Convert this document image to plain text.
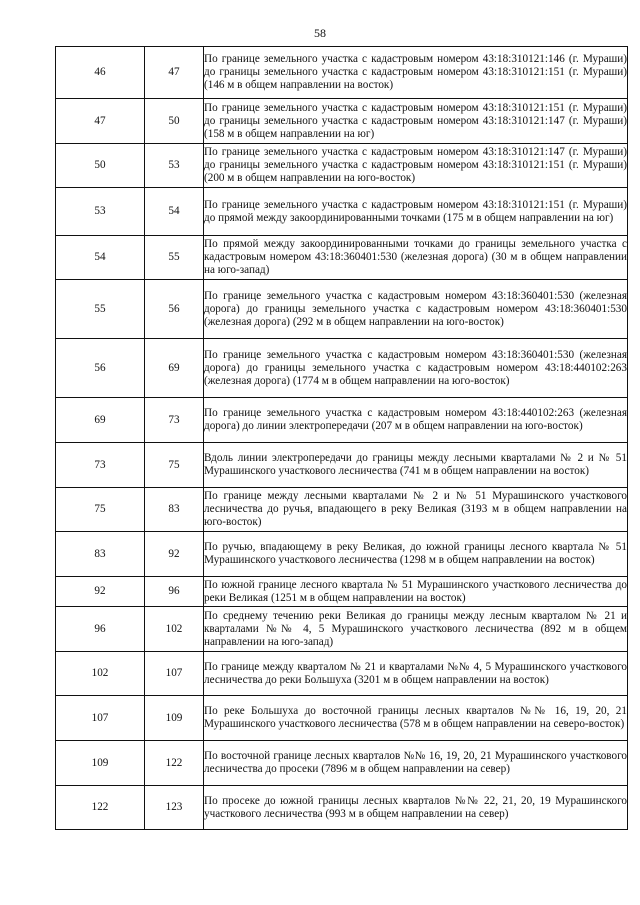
58
46	47	По границе земельного участка с кадастровым номером 43:18:310121:146 (г. Мураши) до границы земельного участка с кадастровым номером 43:18:310121:151 (г. Мураши) (146 м в общем направлении на восток)
47	50	По границе земельного участка с кадастровым номером 43:18:310121:151 (г. Мураши) до границы земельного участка с кадастровым номером 43:18:310121:147 (г. Мураши) (158 м в общем направлении на юг)
50	53	По границе земельного участка с кадастровым номером 43:18:310121:147 (г. Мураши) до границы земельного участка с кадастровым номером 43:18:310121:151 (г. Мураши) (200 м в общем направлении на юго-восток)
53	54	По границе земельного участка с кадастровым номером 43:18:310121:151 (г. Мураши) до прямой между закоординированными точками (175 м в общем направлении на юг)
54	55	По прямой между закоординированными точками до границы земельного участка с кадастровым номером 43:18:360401:530 (железная дорога) (30 м в общем направлении на юго-запад)
55	56	По границе земельного участка с кадастровым номером 43:18:360401:530 (железная дорога) до границы земельного участка с кадастровым номером 43:18:360401:530 (железная дорога) (292 м в общем направлении на юго-восток)
56	69	По границе земельного участка с кадастровым номером 43:18:360401:530 (железная дорога) до границы земельного участка с кадастровым номером 43:18:440102:263 (железная дорога) (1774 м в общем направлении на юго-восток)
69	73	По границе земельного участка с кадастровым номером 43:18:440102:263 (железная дорога) до линии электропередачи (207 м в общем направлении на юго-восток)
73	75	Вдоль линии электропередачи до границы между лесными кварталами № 2 и № 51 Мурашинского участкового лесничества (741 м в общем направлении на восток)
75	83	По границе между лесными кварталами № 2 и № 51 Мурашинского участкового лесничества до ручья, впадающего в реку Великая (3193 м в общем направлении на юго-восток)
83	92	По ручью, впадающему в реку Великая, до южной границы лесного квартала № 51 Мурашинского участкового лесничества (1298 м в общем направлении на восток)
92	96	По южной границе лесного квартала № 51 Мурашинского участкового лесничества до реки Великая (1251 м в общем направлении на восток)
96	102	По среднему течению реки Великая до границы между лесным кварталом № 21 и кварталами №№ 4, 5 Мурашинского участкового лесничества (892 м в общем направлении на юго-запад)
102	107	По границе между кварталом № 21 и кварталами №№ 4, 5 Мурашинского участкового лесничества до реки Большуха (3201 м в общем направлении на восток)
107	109	По реке Большуха до восточной границы лесных кварталов №№ 16, 19, 20, 21 Мурашинского участкового лесничества (578 м в общем направлении на северо-восток)
109	122	По восточной границе лесных кварталов №№ 16, 19, 20, 21 Мурашинского участкового лесничества до просеки (7896 м в общем направлении на север)
122	123	По просеке до южной границы лесных кварталов №№ 22, 21, 20, 19 Мурашинского участкового лесничества (993 м в общем направлении на север)
